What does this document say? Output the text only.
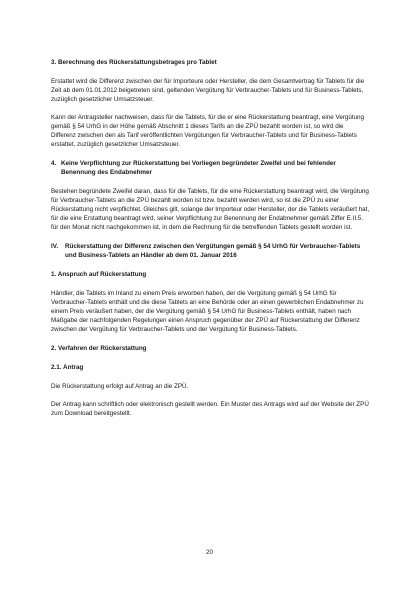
3. Berechnung des Rückerstattungsbetrages pro Tablet

Erstattet wird die Differenz zwischen der für Importeure oder Hersteller, die dem Gesamtvertrag für Tablets für die Zeit ab dem 01.01.2012 beigetreten sind, geltenden Vergütung für Verbraucher-Tablets und für Business-Tablets, zuzüglich gesetzlicher Umsatzsteuer.

Kann der Antragsteller nachweisen, dass für die Tablets, für die er eine Rückerstattung beantragt, eine Vergütung gemäß § 54 UrhG in der Höhe gemäß Abschnitt 1 dieses Tarifs an die ZPÜ bezahlt worden ist, so wird die Differenz zwischen den als Tarif veröffentlichten Vergütungen für Verbraucher-Tablets und für Business-Tablets erstattet, zuzüglich gesetzlicher Umsatzsteuer.

4. Keine Verpflichtung zur Rückerstattung bei Vorliegen begründeter Zweifel und bei fehlender Benennung des Endabnehmer

Bestehen begründete Zweifel daran, dass für die Tablets, für die eine Rückerstattung beantragt wird, die Vergütung für Verbraucher-Tablets an die ZPÜ bezahlt worden ist bzw. bezahlt werden wird, so ist die ZPÜ zu einer Rückerstattung nicht verpflichtet. Gleiches gilt, solange der Importeur oder Hersteller, der die Tablets veräußert hat, für die eine Erstattung beantragt wird, seiner Verpflichtung zur Benennung der Endabnehmer gemäß Ziffer E.II.5. für den Monat nicht nachgekommen ist, in dem die Rechnung für die betreffenden Tablets gestellt worden ist.

IV.	Rückerstattung der Differenz zwischen den Vergütungen gemäß § 54 UrhG für Verbraucher-Tablets und Business-Tablets an Händler ab dem 01. Januar 2016

1. Anspruch auf Rückerstattung

Händler, die Tablets im Inland zu einem Preis erworben haben, der die Vergütung gemäß § 54 UrhG für Verbraucher-Tablets enthält und die diese Tablets an eine Behörde oder an einen gewerblichen Endabnehmer zu einem Preis veräußert haben, der die Vergütung gemäß § 54 UrhG für Business-Tablets enthält, haben nach Maßgabe der nachfolgenden Regelungen einen Anspruch gegenüber der ZPÜ auf Rückerstattung der Differenz zwischen der Vergütung für Verbraucher-Tablets und der Vergütung für Business-Tablets.

2. Verfahren der Rückerstattung

2.1. Antrag

Die Rückerstattung erfolgt auf Antrag an die ZPÜ.

Der Antrag kann schriftlich oder elektronisch gestellt werden. Ein Muster des Antrags wird auf der Website der ZPÜ zum Download bereitgestellt.

20
